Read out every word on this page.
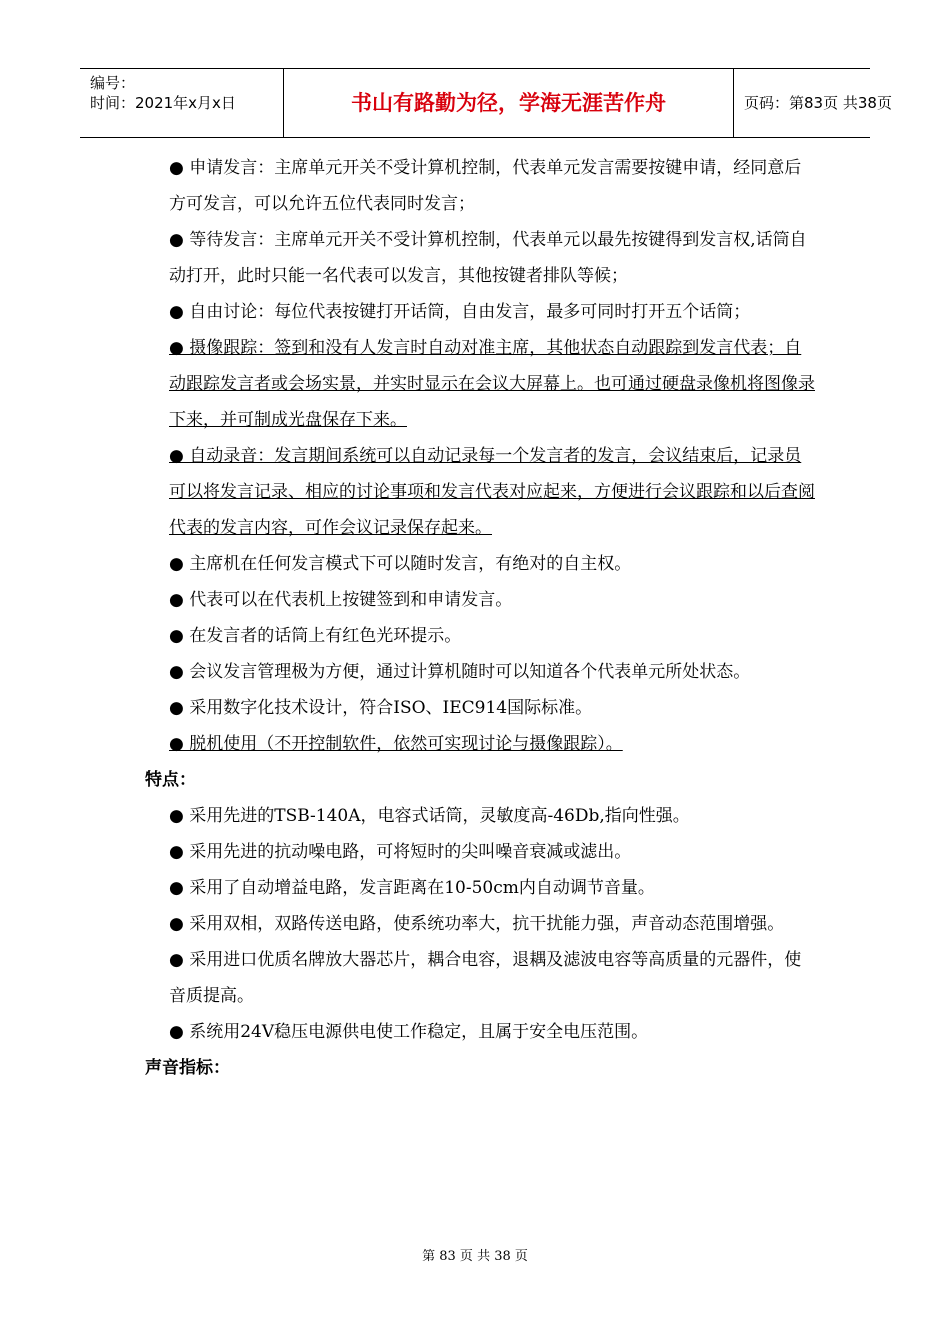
编号：
时间：2021年x月x日	书山有路勤为径，学海无涯苦作舟	页码：第83页 共38页

● 申请发言：主席单元开关不受计算机控制，代表单元发言需要按键申请，经同意后方可发言，可以允许五位代表同时发言；

● 等待发言：主席单元开关不受计算机控制，代表单元以最先按键得到发言权,话筒自动打开，此时只能一名代表可以发言，其他按键者排队等候；

● 自由讨论：每位代表按键打开话筒，自由发言，最多可同时打开五个话筒；

● 摄像跟踪：签到和没有人发言时自动对准主席，其他状态自动跟踪到发言代表；自动跟踪发言者或会场实景，并实时显示在会议大屏幕上。也可通过硬盘录像机将图像录下来，并可制成光盘保存下来。

● 自动录音：发言期间系统可以自动记录每一个发言者的发言，会议结束后，记录员可以将发言记录、相应的讨论事项和发言代表对应起来，方便进行会议跟踪和以后查阅代表的发言内容，可作会议记录保存起来。

● 主席机在任何发言模式下可以随时发言，有绝对的自主权。

● 代表可以在代表机上按键签到和申请发言。

● 在发言者的话筒上有红色光环提示。

● 会议发言管理极为方便，通过计算机随时可以知道各个代表单元所处状态。

● 采用数字化技术设计，符合ISO、IEC914国际标准。

● 脱机使用（不开控制软件，依然可实现讨论与摄像跟踪）。

特点：

● 采用先进的TSB-140A，电容式话筒，灵敏度高-46Db,指向性强。

● 采用先进的抗动噪电路，可将短时的尖叫噪音衰减或滤出。

● 采用了自动增益电路，发言距离在10-50cm内自动调节音量。

● 采用双相，双路传送电路，使系统功率大，抗干扰能力强，声音动态范围增强。

● 采用进口优质名牌放大器芯片，耦合电容，退耦及滤波电容等高质量的元器件，使音质提高。

● 系统用24V稳压电源供电使工作稳定，且属于安全电压范围。

声音指标：

第 83 页 共 38 页
